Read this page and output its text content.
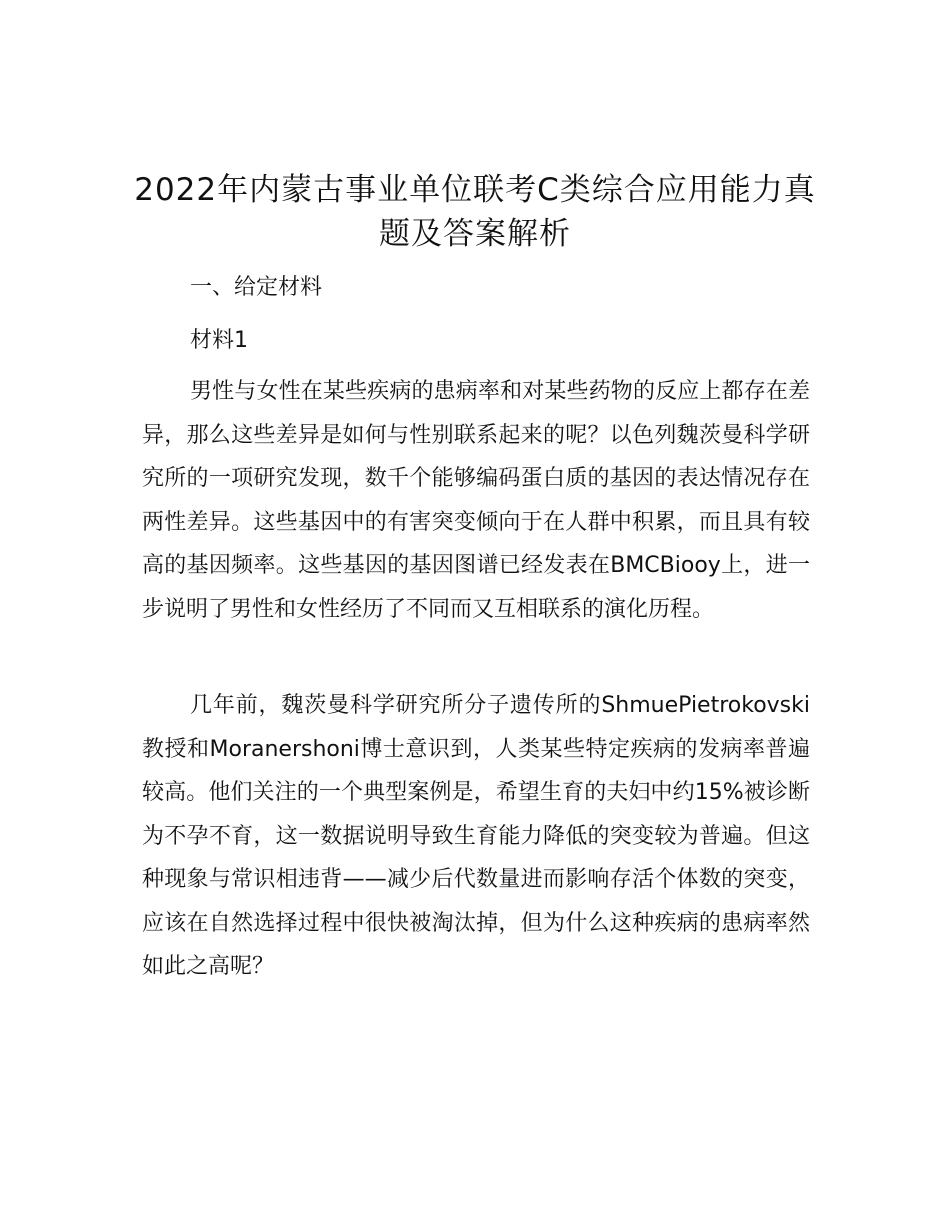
2022年内蒙古事业单位联考C类综合应用能力真题及答案解析
一、给定材料
材料1

男性与女性在某些疾病的患病率和对某些药物的反应上都存在差异，那么这些差异是如何与性别联系起来的呢？以色列魏茨曼科学研究所的一项研究发现，数千个能够编码蛋白质的基因的表达情况存在两性差异。这些基因中的有害突变倾向于在人群中积累，而且具有较高的基因频率。这些基因的基因图谱已经发表在BMCBiooy上，进一步说明了男性和女性经历了不同而又互相联系的演化历程。

几年前，魏茨曼科学研究所分子遗传所的ShmuePietrokovski教授和Moranershoni博士意识到，人类某些特定疾病的发病率普遍较高。他们关注的一个典型案例是，希望生育的夫妇中约15%被诊断为不孕不育，这一数据说明导致生育能力降低的突变较为普遍。但这种现象与常识相违背——减少后代数量进而影响存活个体数的突变，应该在自然选择过程中很快被淘汰掉，但为什么这种疾病的患病率然如此之高呢？
